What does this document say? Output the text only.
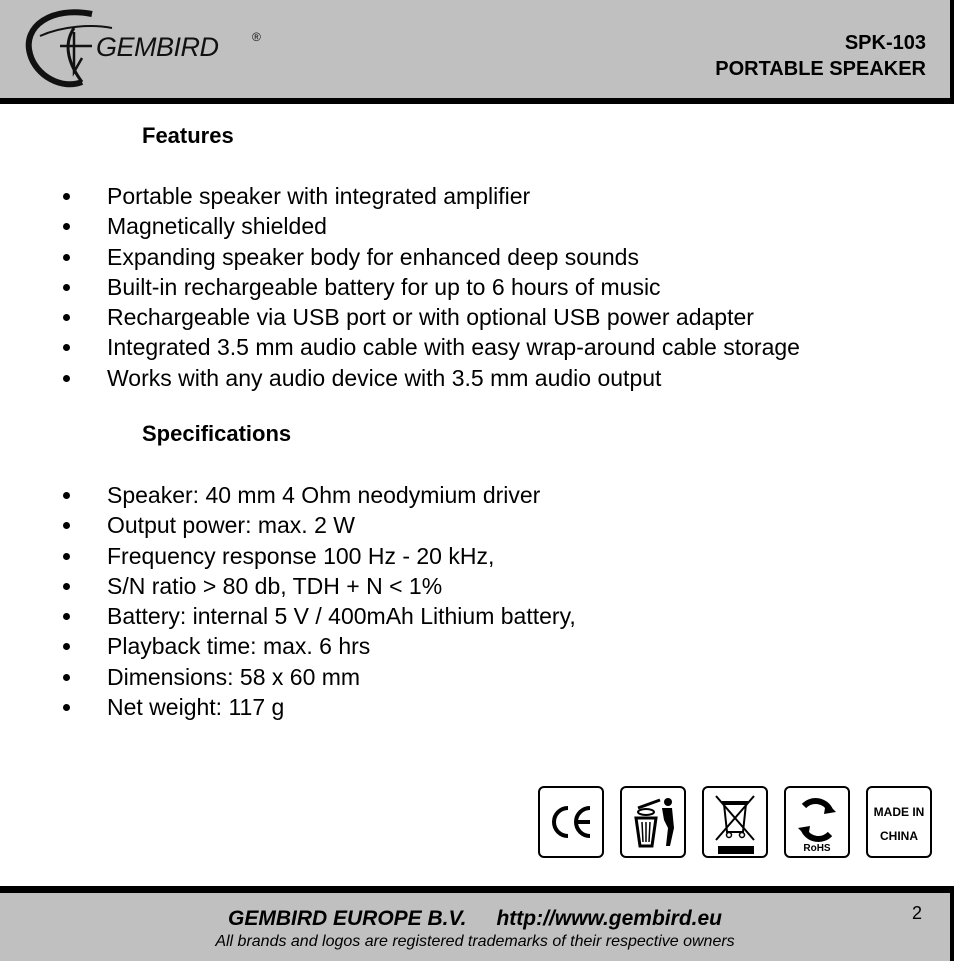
GEMBIRD	®	SPK-103
PORTABLE SPEAKER
Features
Portable speaker with integrated amplifier
Magnetically shielded
Expanding speaker body for enhanced deep sounds
Built-in rechargeable battery for up to 6 hours of music
Rechargeable via USB port or with optional USB power adapter
Integrated 3.5 mm audio cable with easy wrap-around cable storage
Works with any audio device with 3.5 mm audio output
Specifications
Speaker: 40 mm 4 Ohm neodymium driver
Output power: max. 2 W
Frequency response 100 Hz - 20 kHz,
S/N ratio > 80 db, TDH + N < 1%
Battery: internal 5 V / 400mAh Lithium battery,
Playback time: max. 6 hrs
Dimensions: 58 x 60 mm
Net weight: 117 g
RoHS
MADE IN
CHINA
GEMBIRD EUROPE B.V. http://www.gembird.eu
All brands and logos are registered trademarks of their respective owners
2
